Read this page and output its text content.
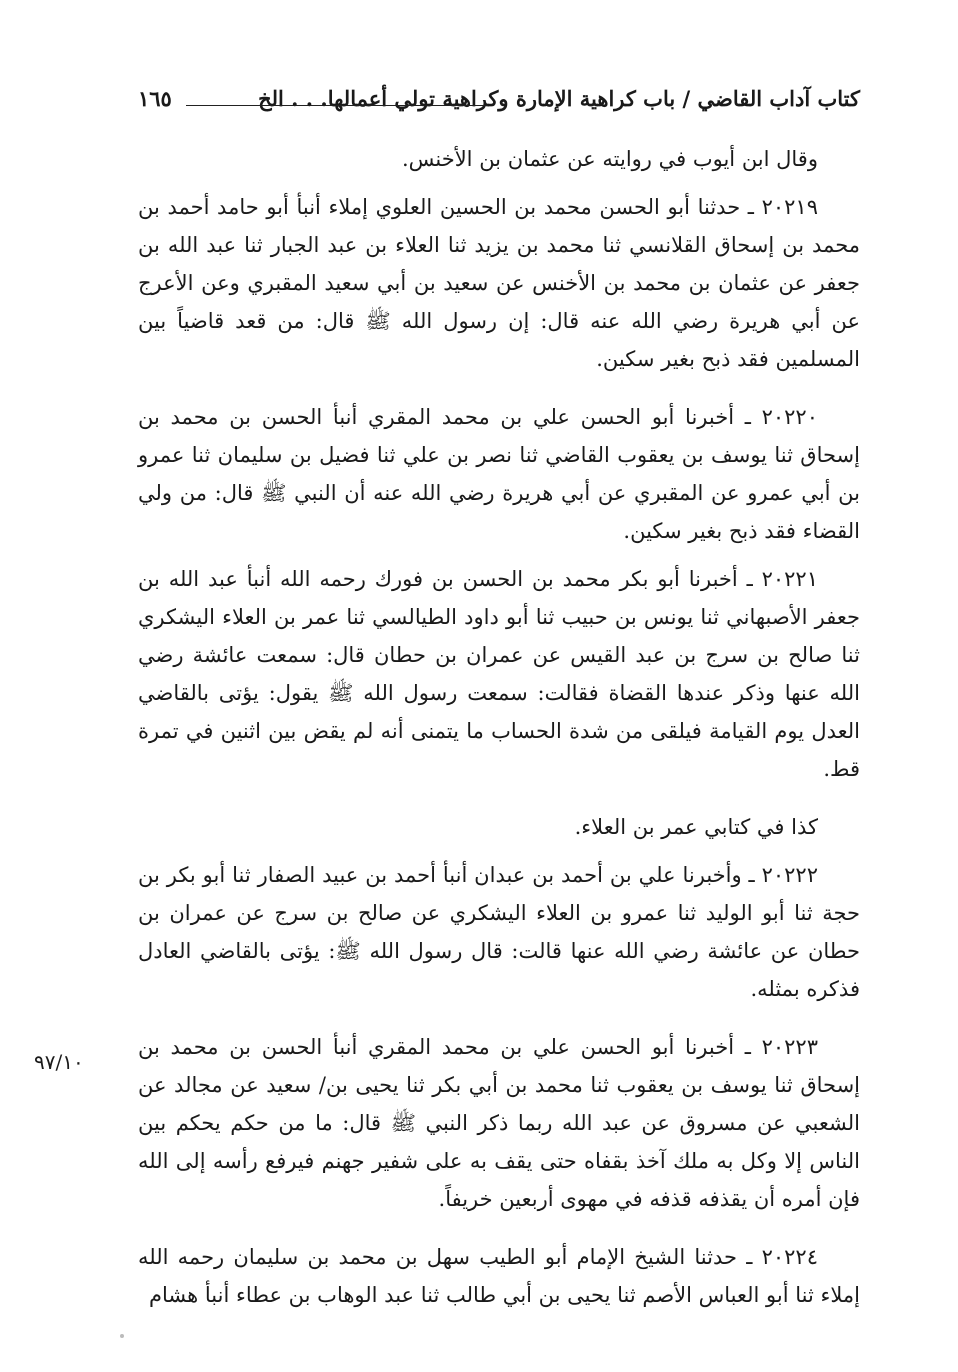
كتاب آداب القاضي / باب كراهية الإمارة وكراهية تولي أعمالها. . . الخ
١٦٥

وقال ابن أيوب في روايته عن عثمان بن الأخنس.

٢٠٢١٩ ـ حدثنا أبو الحسن محمد بن الحسين العلوي إملاء أنبأ أبو حامد أحمد بن محمد بن إسحاق القلانسي ثنا محمد بن يزيد ثنا العلاء بن عبد الجبار ثنا عبد الله بن جعفر عن عثمان بن محمد بن الأخنس عن سعيد بن أبي سعيد المقبري وعن الأعرج عن أبي هريرة رضي الله عنه قال: إن رسول الله ﷺ قال: من قعد قاضياً بين المسلمين فقد ذبح بغير سكين.

٢٠٢٢٠ ـ أخبرنا أبو الحسن علي بن محمد المقري أنبأ الحسن بن محمد بن إسحاق ثنا يوسف بن يعقوب القاضي ثنا نصر بن علي ثنا فضيل بن سليمان ثنا عمرو بن أبي عمرو عن المقبري عن أبي هريرة رضي الله عنه أن النبي ﷺ قال: من ولي القضاء فقد ذبح بغير سكين.

٢٠٢٢١ ـ أخبرنا أبو بكر محمد بن الحسن بن فورك رحمه الله أنبأ عبد الله بن جعفر الأصبهاني ثنا يونس بن حبيب ثنا أبو داود الطيالسي ثنا عمر بن العلاء اليشكري ثنا صالح بن سرج بن عبد القيس عن عمران بن حطان قال: سمعت عائشة رضي الله عنها وذكر عندها القضاة فقالت: سمعت رسول الله ﷺ يقول: يؤتى بالقاضي العدل يوم القيامة فيلقى من شدة الحساب ما يتمنى أنه لم يقض بين اثنين في تمرة قط.

كذا في كتابي عمر بن العلاء.

٢٠٢٢٢ ـ وأخبرنا علي بن أحمد بن عبدان أنبأ أحمد بن عبيد الصفار ثنا أبو بكر بن حجة ثنا أبو الوليد ثنا عمرو بن العلاء اليشكري عن صالح بن سرج عن عمران بن حطان عن عائشة رضي الله عنها قالت: قال رسول الله ﷺ: يؤتى بالقاضي العادل فذكره بمثله.

٢٠٢٢٣ ـ أخبرنا أبو الحسن علي بن محمد المقري أنبأ الحسن بن محمد بن إسحاق ثنا يوسف بن يعقوب ثنا محمد بن أبي بكر ثنا يحيى بن/ سعيد عن مجالد عن الشعبي عن مسروق عن عبد الله ربما ذكر النبي ﷺ قال: ما من حكم يحكم بين الناس إلا وكل به ملك آخذ بقفاه حتى يقف به على شفير جهنم فيرفع رأسه إلى الله فإن أمره أن يقذفه قذفه في مهوى أربعين خريفاً.

٢٠٢٢٤ ـ حدثنا الشيخ الإمام أبو الطيب سهل بن محمد بن سليمان رحمه الله إملاء ثنا أبو العباس الأصم ثنا يحيى بن أبي طالب ثنا عبد الوهاب بن عطاء أنبأ هشام

٩٧/١٠
